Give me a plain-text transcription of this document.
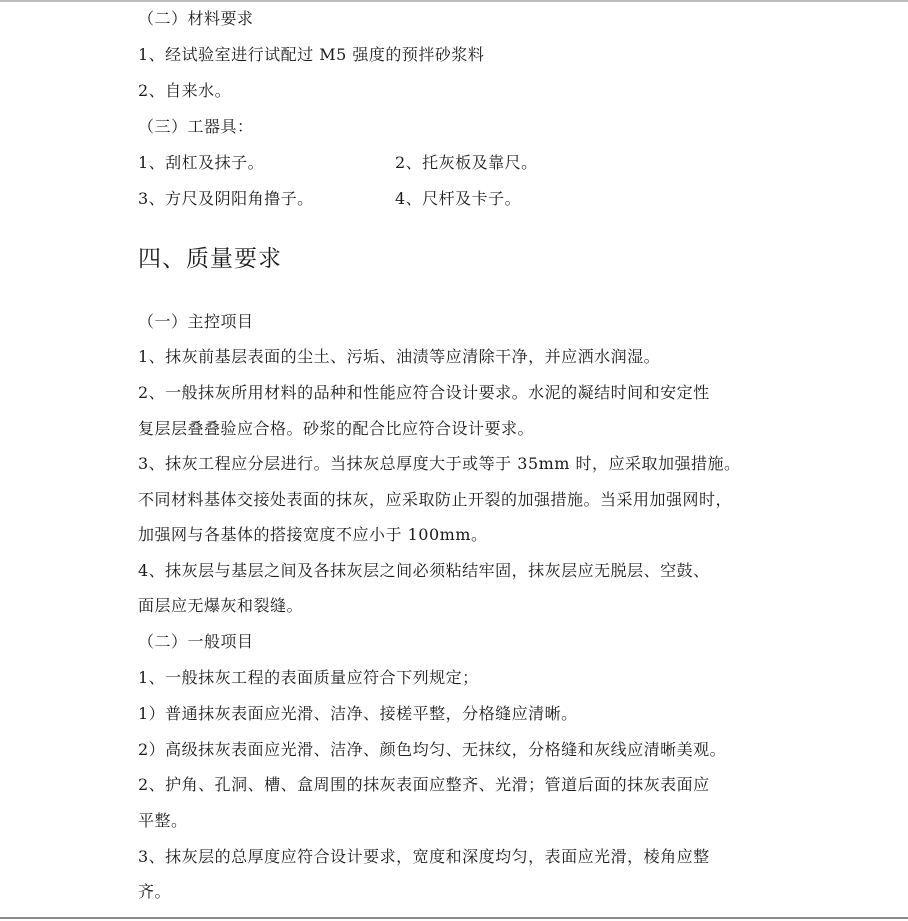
（二）材料要求
1、经试验室进行试配过 M5 强度的预拌砂浆料
2、自来水。
（三）工器具：
1、刮杠及抹子。	2、托灰板及靠尺。
3、方尺及阴阳角撸子。	4、尺杆及卡子。
四、质量要求
（一）主控项目
1、抹灰前基层表面的尘土、污垢、油渍等应清除干净，并应洒水润湿。
2、一般抹灰所用材料的品种和性能应符合设计要求。水泥的凝结时间和安定性
复层层叠叠验应合格。砂浆的配合比应符合设计要求。
3、抹灰工程应分层进行。当抹灰总厚度大于或等于 35mm 时，应采取加强措施。
不同材料基体交接处表面的抹灰，应采取防止开裂的加强措施。当采用加强网时，
加强网与各基体的搭接宽度不应小于 100mm。
4、抹灰层与基层之间及各抹灰层之间必须粘结牢固，抹灰层应无脱层、空鼓、
面层应无爆灰和裂缝。
（二）一般项目
1、一般抹灰工程的表面质量应符合下列规定；
1）普通抹灰表面应光滑、洁净、接槎平整，分格缝应清晰。
2）高级抹灰表面应光滑、洁净、颜色均匀、无抹纹，分格缝和灰线应清晰美观。
2、护角、孔洞、槽、盒周围的抹灰表面应整齐、光滑；管道后面的抹灰表面应
平整。
3、抹灰层的总厚度应符合设计要求，宽度和深度均匀，表面应光滑，棱角应整
齐。
